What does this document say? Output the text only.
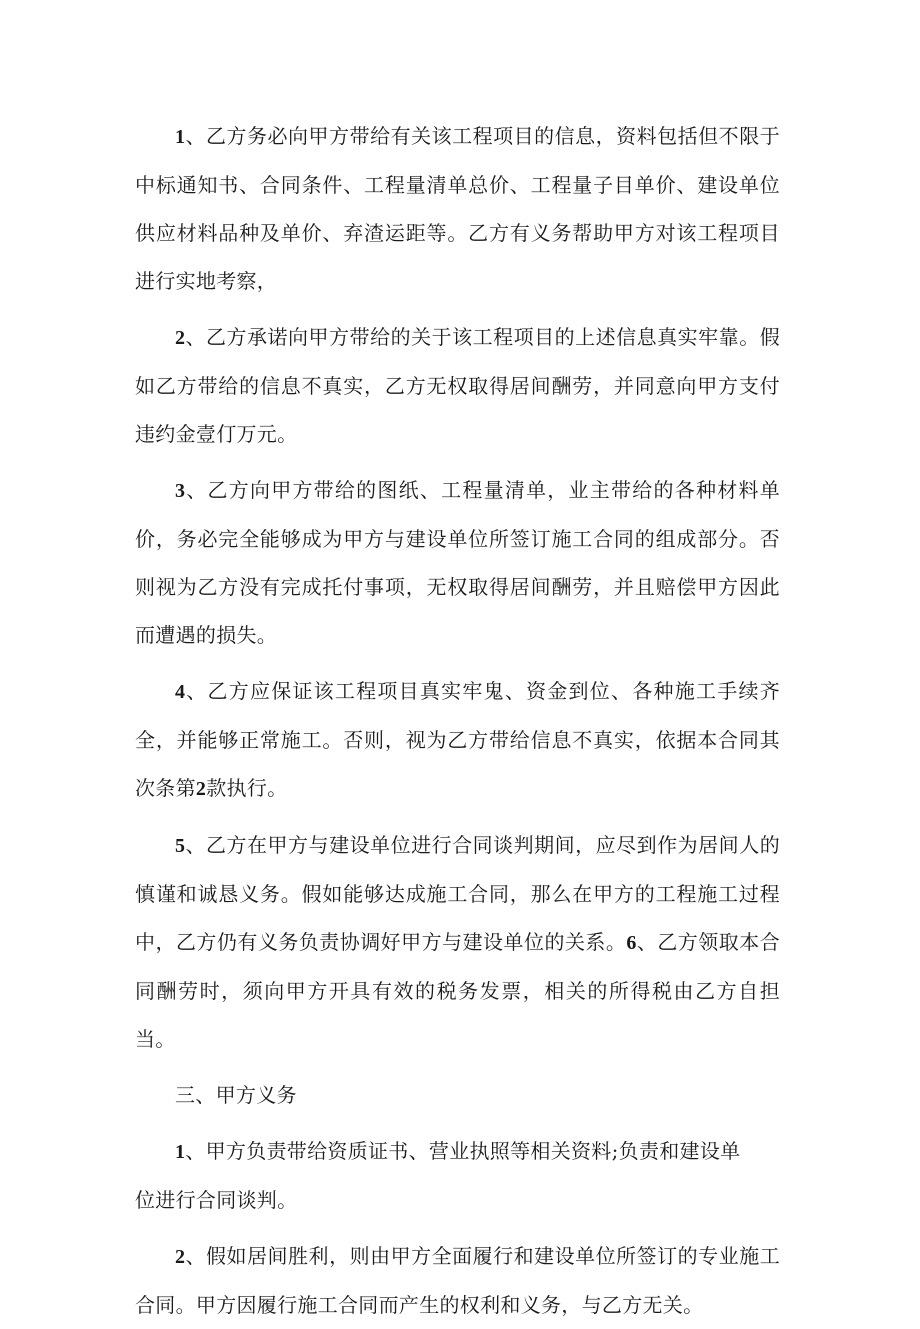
1、乙方务必向甲方带给有关该工程项目的信息，资料包括但不限于中标通知书、合同条件、工程量清单总价、工程量子目单价、建设单位供应材料品种及单价、弃渣运距等。乙方有义务帮助甲方对该工程项目进行实地考察，

2、乙方承诺向甲方带给的关于该工程项目的上述信息真实牢靠。假如乙方带给的信息不真实，乙方无权取得居间酬劳，并同意向甲方支付违约金壹仃万元。

3、乙方向甲方带给的图纸、工程量清单，业主带给的各种材料单价，务必完全能够成为甲方与建设单位所签订施工合同的组成部分。否则视为乙方没有完成托付事项，无权取得居间酬劳，并且赔偿甲方因此而遭遇的损失。

4、乙方应保证该工程项目真实牢鬼、资金到位、各种施工手续齐全，并能够正常施工。否则，视为乙方带给信息不真实，依据本合同其次条第2款执行。

5、乙方在甲方与建设单位进行合同谈判期间，应尽到作为居间人的慎谨和诚恳义务。假如能够达成施工合同，那么在甲方的工程施工过程中，乙方仍有义务负责协调好甲方与建设单位的关系。6、乙方领取本合同酬劳时，须向甲方开具有效的税务发票，相关的所得税由乙方自担当。

三、甲方义务

1、甲方负责带给资质证书、营业执照等相关资料;负责和建设单
位进行合同谈判。

2、假如居间胜利，则由甲方全面履行和建设单位所签订的专业施工合同。甲方因履行施工合同而产生的权利和义务，与乙方无关。
